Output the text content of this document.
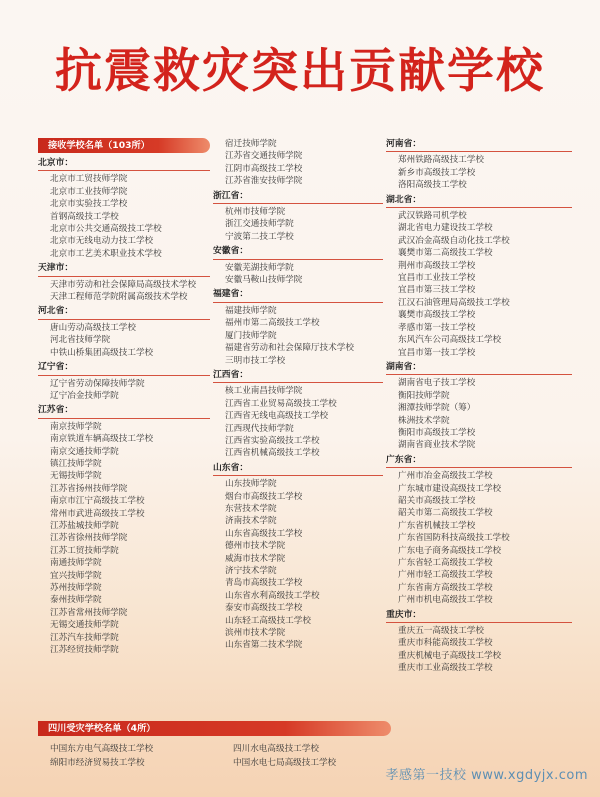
抗震救灾突出贡献学校
接收学校名单（103所）
北京市：
北京市工贸技师学院
北京市工业技师学院
北京市实验技工学校
首钢高级技工学校
北京市公共交通高级技工学校
北京市无线电动力技工学校
北京市工艺美术职业技术学校
天津市：
天津市劳动和社会保障局高级技术学校
天津工程师范学院附属高级技术学校
河北省：
唐山劳动高级技工学校
河北省技师学院
中铁山桥集团高级技工学校
辽宁省：
辽宁省劳动保障技师学院
辽宁冶金技师学院
江苏省：
南京技师学院
南京铁道车辆高级技工学校
南京交通技师学院
镇江技师学院
无锡技师学院
江苏省扬州技师学院
南京市江宁高级技工学校
常州市武进高级技工学校
江苏盐城技师学院
江苏省徐州技师学院
江苏工贸技师学院
南通技师学院
宜兴技师学院
苏州技师学院
泰州技师学院
江苏省常州技师学院
无锡交通技师学院
江苏汽车技师学院
江苏经贸技师学院
宿迁技师学院
江苏省交通技师学院
江阴市高级技工学校
江苏省淮安技师学院
浙江省：
杭州市技师学院
浙江交通技师学院
宁波第二技工学校
安徽省：
安徽芜湖技师学院
安徽马鞍山技师学院
福建省：
福建技师学院
福州市第二高级技工学校
厦门技师学院
福建省劳动和社会保障厅技术学校
三明市技工学校
江西省：
核工业南昌技师学院
江西省工业贸易高级技工学校
江西省无线电高级技工学校
江西现代技师学院
江西省实验高级技工学校
江西省机械高级技工学校
山东省：
山东技师学院
烟台市高级技工学校
东营技术学院
济南技术学院
山东省高级技工学校
德州市技术学院
威海市技术学院
济宁技术学院
青岛市高级技工学校
山东省水利高级技工学校
泰安市高级技工学校
山东轻工高级技工学校
滨州市技术学院
山东省第二技术学院
河南省：
郑州铁路高级技工学校
新乡市高级技工学校
洛阳高级技工学校
湖北省：
武汉铁路司机学校
湖北省电力建设技工学校
武汉冶金高级自动化技工学校
襄樊市第二高级技工学校
荆州市高级技工学校
宜昌市工业技工学校
宜昌市第三技工学校
江汉石油管理局高级技工学校
襄樊市高级技工学校
孝感市第一技工学校
东风汽车公司高级技工学校
宜昌市第一技工学校
湖南省：
湖南省电子技工学校
衡阳技师学院
湘潭技师学院（筹）
株洲技术学院
衡阳市高级技工学校
湖南省商业技术学院
广东省：
广州市冶金高级技工学校
广东城市建设高级技工学校
韶关市高级技工学校
韶关市第二高级技工学校
广东省机械技工学校
广东省国防科技高级技工学校
广东电子商务高级技工学校
广东省轻工高级技工学校
广州市轻工高级技工学校
广东省南方高级技工学校
广州市机电高级技工学校
重庆市：
重庆五一高级技工学校
重庆市科能高级技工学校
重庆机械电子高级技工学校
重庆市工业高级技工学校
四川受灾学校名单（4所）
中国东方电气高级技工学校
绵阳市经济贸易技工学校
四川水电高级技工学校
中国水电七局高级技工学校
孝感第一技校 www.xgdyjx.com
